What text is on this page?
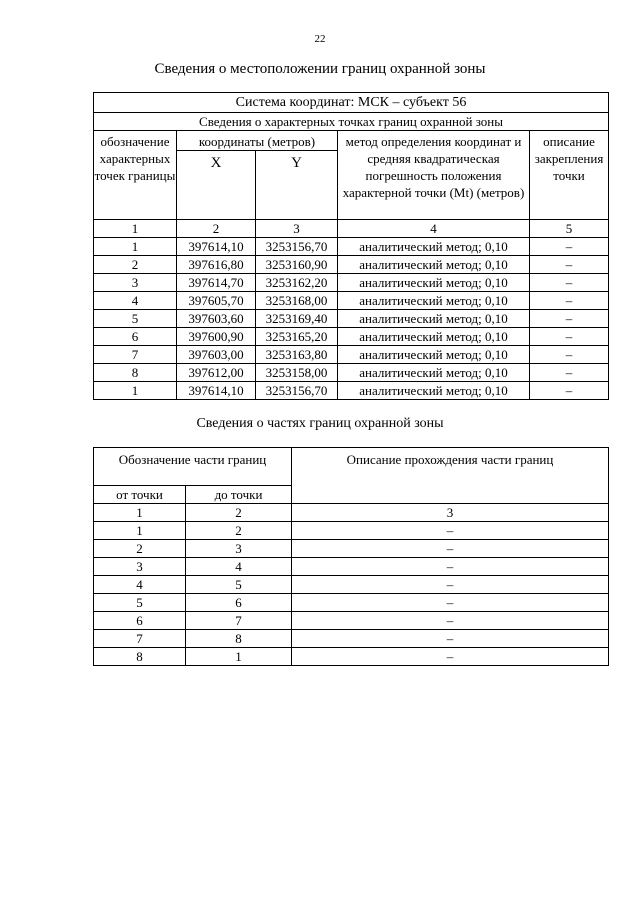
22
Сведения о местоположении границ охранной зоны
Система координат: МСК – субъект 56				
Сведения о характерных точках границ охранной зоны				
обозначение характерных точек границы	координаты (метров)		метод определения координат и средняя квадратическая погрешность положения характерной точки (Мt) (метров)	описание закрепления точки
	X	Y		
1	2	3	4	5
1	397614,10	3253156,70	аналитический метод; 0,10	–
2	397616,80	3253160,90	аналитический метод; 0,10	–
3	397614,70	3253162,20	аналитический метод; 0,10	–
4	397605,70	3253168,00	аналитический метод; 0,10	–
5	397603,60	3253169,40	аналитический метод; 0,10	–
6	397600,90	3253165,20	аналитический метод; 0,10	–
7	397603,00	3253163,80	аналитический метод; 0,10	–
8	397612,00	3253158,00	аналитический метод; 0,10	–
1	397614,10	3253156,70	аналитический метод; 0,10	–
Сведения о частях границ охранной зоны
Обозначение части границ		Описание прохождения части границ
от точки	до точки	
1	2	3
1	2	–
2	3	–
3	4	–
4	5	–
5	6	–
6	7	–
7	8	–
8	1	–
